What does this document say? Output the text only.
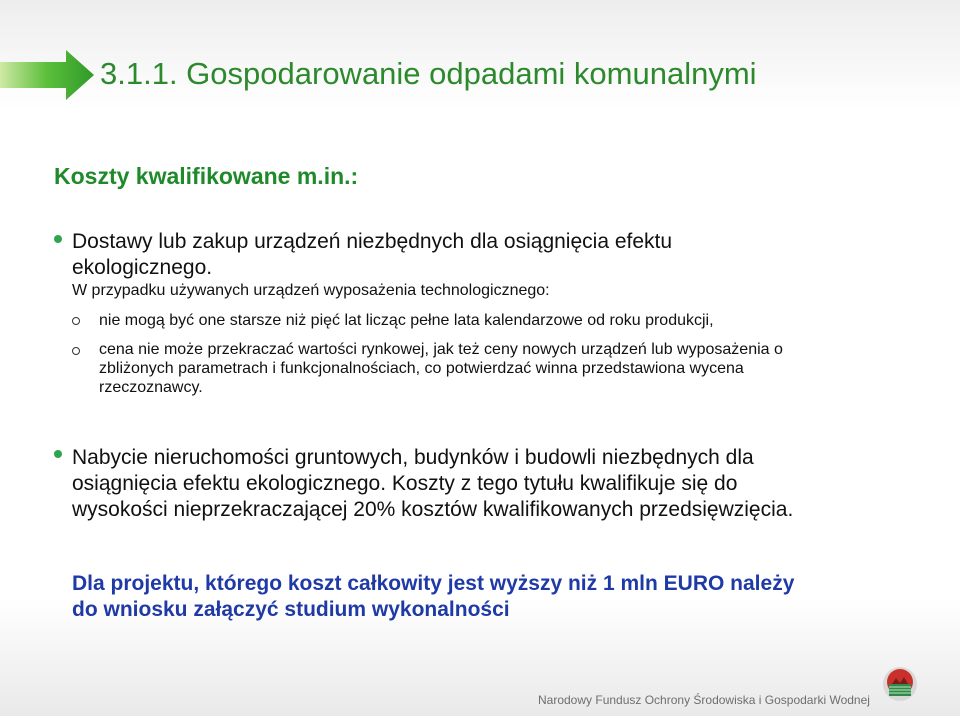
3.1.1. Gospodarowanie odpadami komunalnymi
Koszty kwalifikowane m.in.:
Dostawy lub zakup urządzeń niezbędnych dla osiągnięcia efektu
ekologicznego.
W przypadku używanych urządzeń wyposażenia technologicznego:
nie mogą być one starsze niż pięć lat licząc pełne lata kalendarzowe od roku produkcji,
cena nie może przekraczać wartości rynkowej, jak też ceny nowych urządzeń lub wyposażenia o
zbliżonych parametrach i funkcjonalnościach, co potwierdzać winna przedstawiona wycena
rzeczoznawcy.
Nabycie nieruchomości gruntowych, budynków i budowli niezbędnych dla
osiągnięcia efektu ekologicznego. Koszty z tego tytułu kwalifikuje się do
wysokości nieprzekraczającej 20% kosztów kwalifikowanych przedsięwzięcia.
Dla projektu, którego koszt całkowity jest wyższy niż 1 mln EURO należy
do wniosku załączyć studium wykonalności
Narodowy Fundusz Ochrony Środowiska i Gospodarki Wodnej
